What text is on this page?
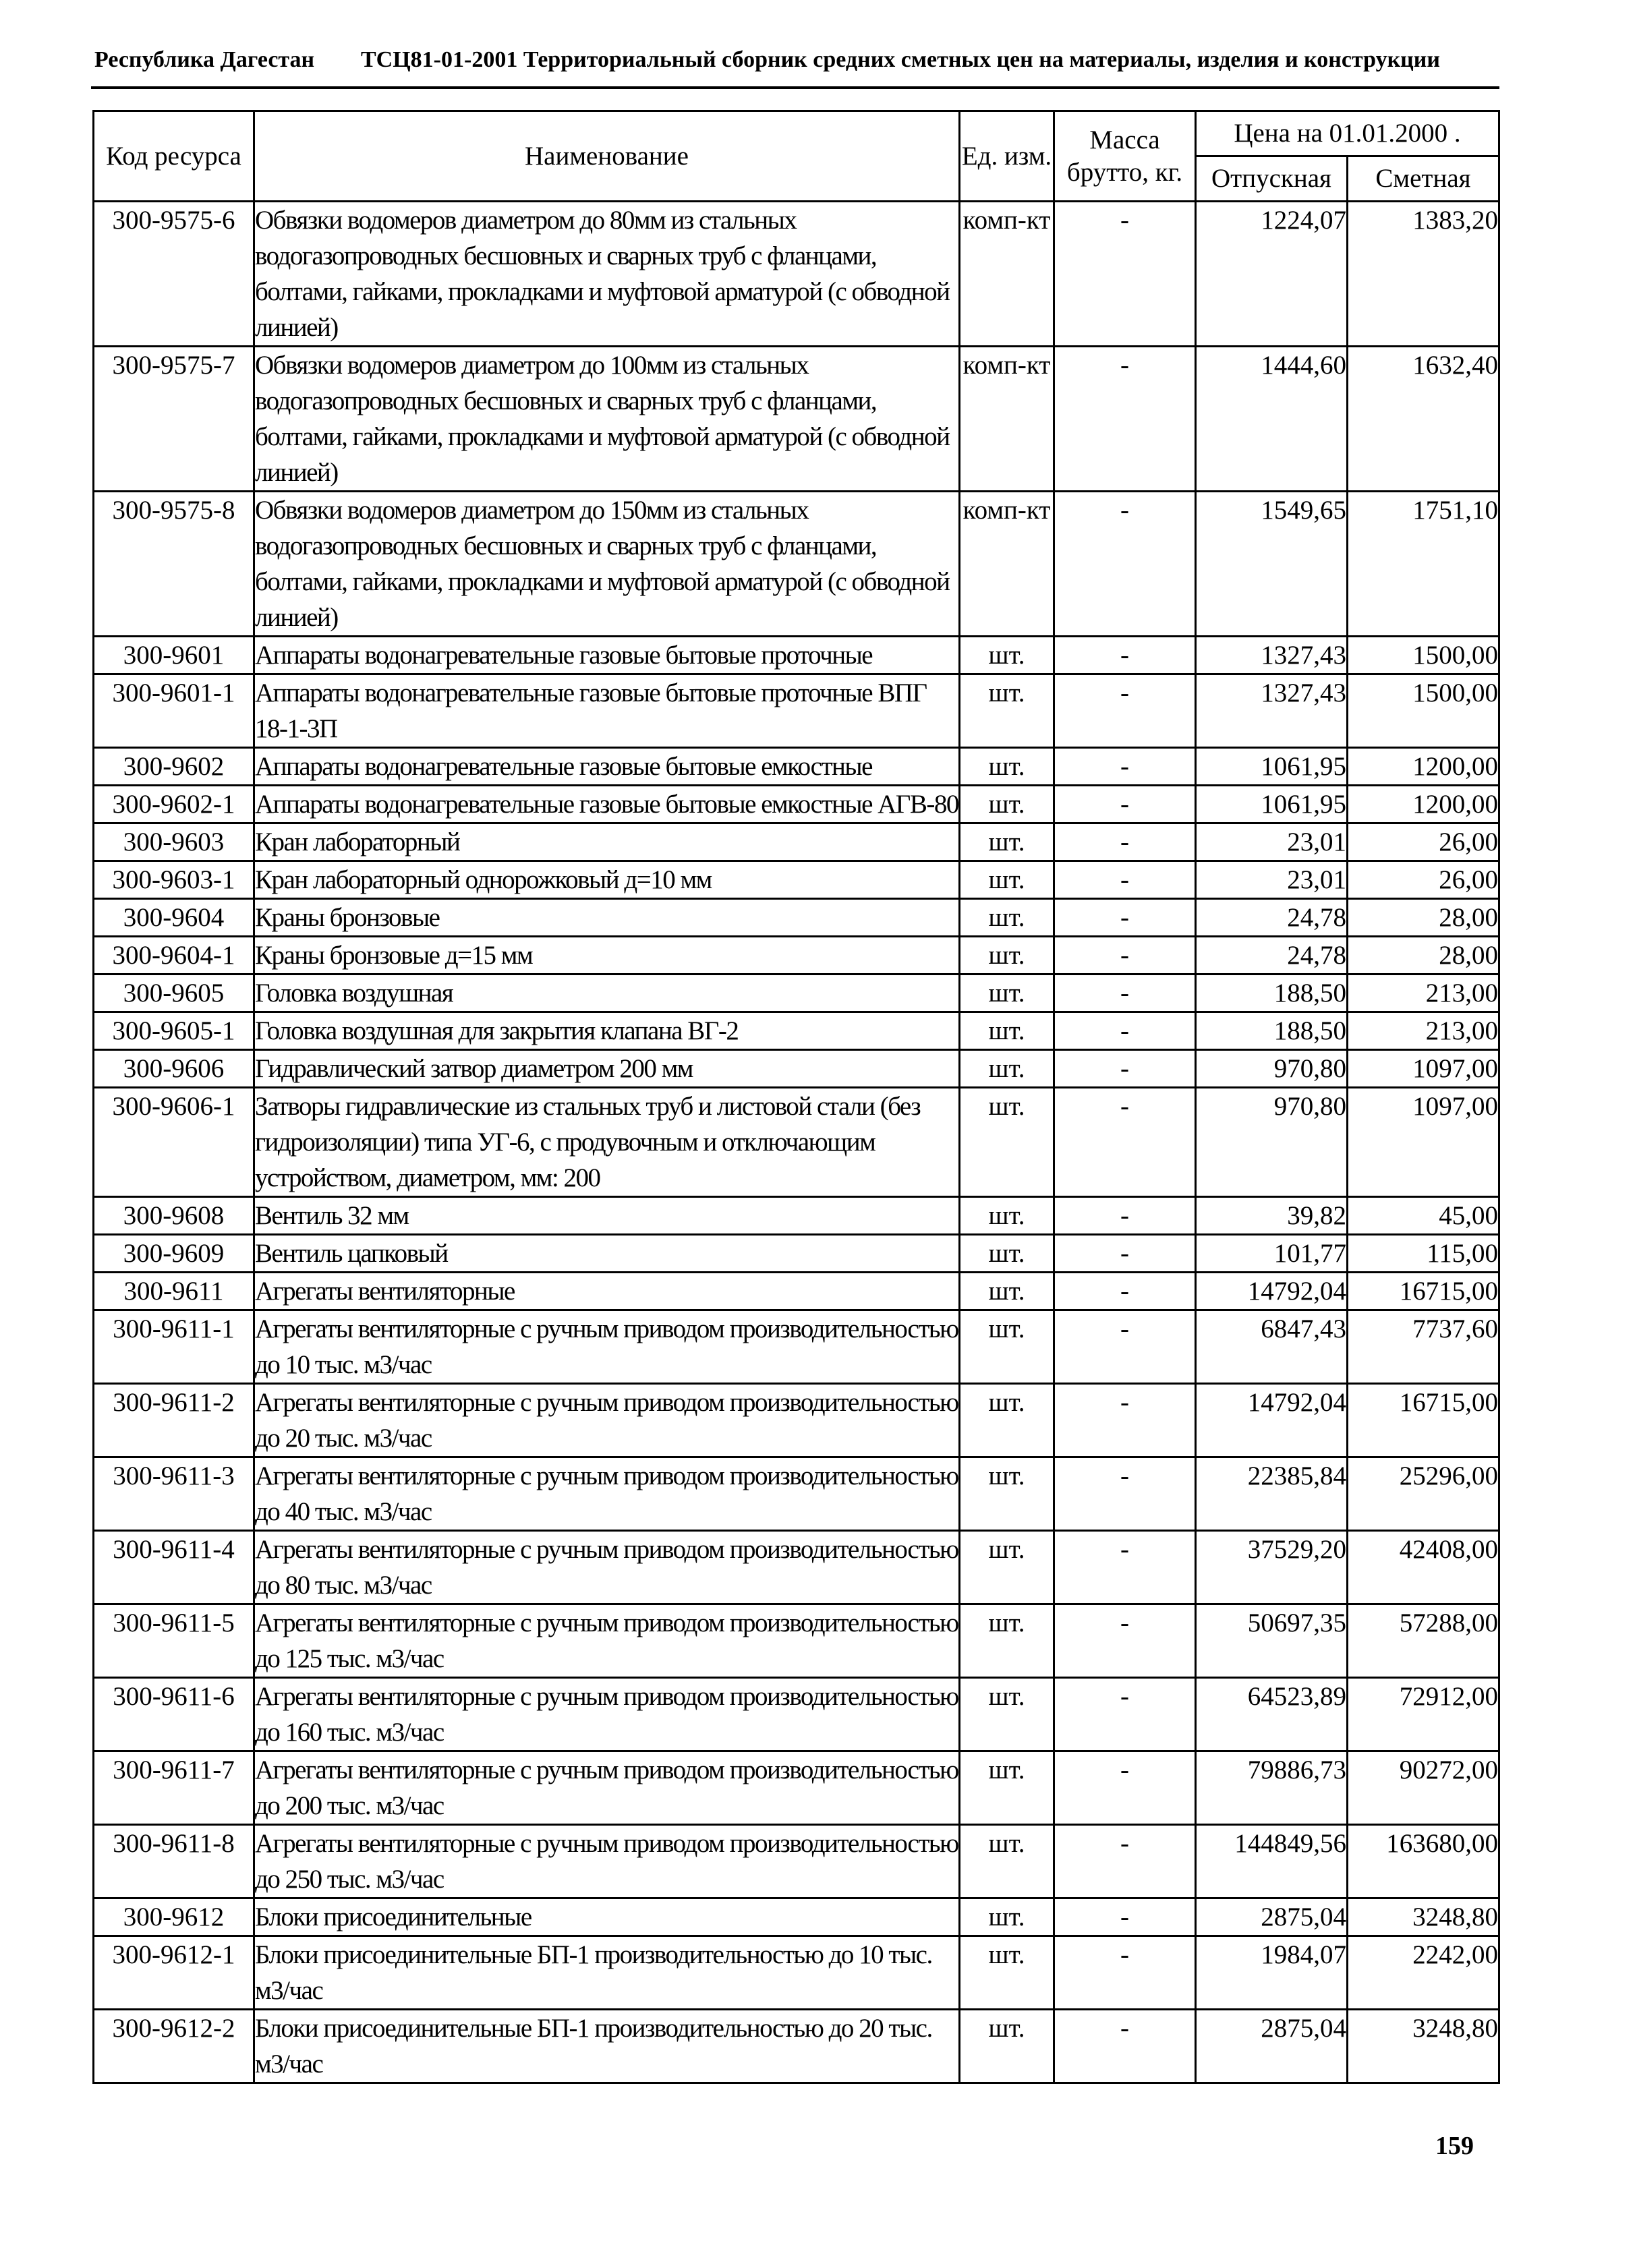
Республика Дагестан ТСЦ81-01-2001 Территориальный сборник средних сметных цен на материалы, изделия и конструкции
Код ресурса	Наименование	Ед. изм.	Масса брутто, кг.	Цена на 01.01.2000 .	
				Отпускная	Сметная
300-9575-6	Обвязки водомеров диаметром до 80мм из стальных водогазопроводных бесшовных и сварных труб с фланцами, болтами, гайками, прокладками и муфтовой арматурой (с обводной линией)	комп-кт	-	1224,07	1383,20
300-9575-7	Обвязки водомеров диаметром до 100мм из стальных водогазопроводных бесшовных и сварных труб с фланцами, болтами, гайками, прокладками и муфтовой арматурой (с обводной линией)	комп-кт	-	1444,60	1632,40
300-9575-8	Обвязки водомеров диаметром до 150мм из стальных водогазопроводных бесшовных и сварных труб с фланцами, болтами, гайками, прокладками и муфтовой арматурой (с обводной линией)	комп-кт	-	1549,65	1751,10
300-9601	Аппараты водонагревательные газовые бытовые проточные	шт.	-	1327,43	1500,00
300-9601-1	Аппараты водонагревательные газовые бытовые проточные ВПГ 18-1-3П	шт.	-	1327,43	1500,00
300-9602	Аппараты водонагревательные газовые бытовые емкостные	шт.	-	1061,95	1200,00
300-9602-1	Аппараты водонагревательные газовые бытовые емкостные АГВ-80	шт.	-	1061,95	1200,00
300-9603	Кран лабораторный	шт.	-	23,01	26,00
300-9603-1	Кран лабораторный однорожковый д=10 мм	шт.	-	23,01	26,00
300-9604	Краны бронзовые	шт.	-	24,78	28,00
300-9604-1	Краны бронзовые д=15 мм	шт.	-	24,78	28,00
300-9605	Головка воздушная	шт.	-	188,50	213,00
300-9605-1	Головка воздушная для закрытия клапана ВГ-2	шт.	-	188,50	213,00
300-9606	Гидравлический затвор диаметром 200 мм	шт.	-	970,80	1097,00
300-9606-1	Затворы гидравлические из стальных труб и листовой стали (без гидроизоляции) типа УГ-6, с продувочным и отключающим устройством, диаметром, мм: 200	шт.	-	970,80	1097,00
300-9608	Вентиль 32 мм	шт.	-	39,82	45,00
300-9609	Вентиль цапковый	шт.	-	101,77	115,00
300-9611	Агрегаты вентиляторные	шт.	-	14792,04	16715,00
300-9611-1	Агрегаты вентиляторные с ручным приводом производительностью до 10 тыс. м3/час	шт.	-	6847,43	7737,60
300-9611-2	Агрегаты вентиляторные с ручным приводом производительностью до 20 тыс. м3/час	шт.	-	14792,04	16715,00
300-9611-3	Агрегаты вентиляторные с ручным приводом производительностью до 40 тыс. м3/час	шт.	-	22385,84	25296,00
300-9611-4	Агрегаты вентиляторные с ручным приводом производительностью до 80 тыс. м3/час	шт.	-	37529,20	42408,00
300-9611-5	Агрегаты вентиляторные с ручным приводом производительностью до 125 тыс. м3/час	шт.	-	50697,35	57288,00
300-9611-6	Агрегаты вентиляторные с ручным приводом производительностью до 160 тыс. м3/час	шт.	-	64523,89	72912,00
300-9611-7	Агрегаты вентиляторные с ручным приводом производительностью до 200 тыс. м3/час	шт.	-	79886,73	90272,00
300-9611-8	Агрегаты вентиляторные с ручным приводом производительностью до 250 тыс. м3/час	шт.	-	144849,56	163680,00
300-9612	Блоки присоединительные	шт.	-	2875,04	3248,80
300-9612-1	Блоки присоединительные БП-1 производительностью до 10 тыс. м3/час	шт.	-	1984,07	2242,00
300-9612-2	Блоки присоединительные БП-1 производительностью до 20 тыс. м3/час	шт.	-	2875,04	3248,80
159
